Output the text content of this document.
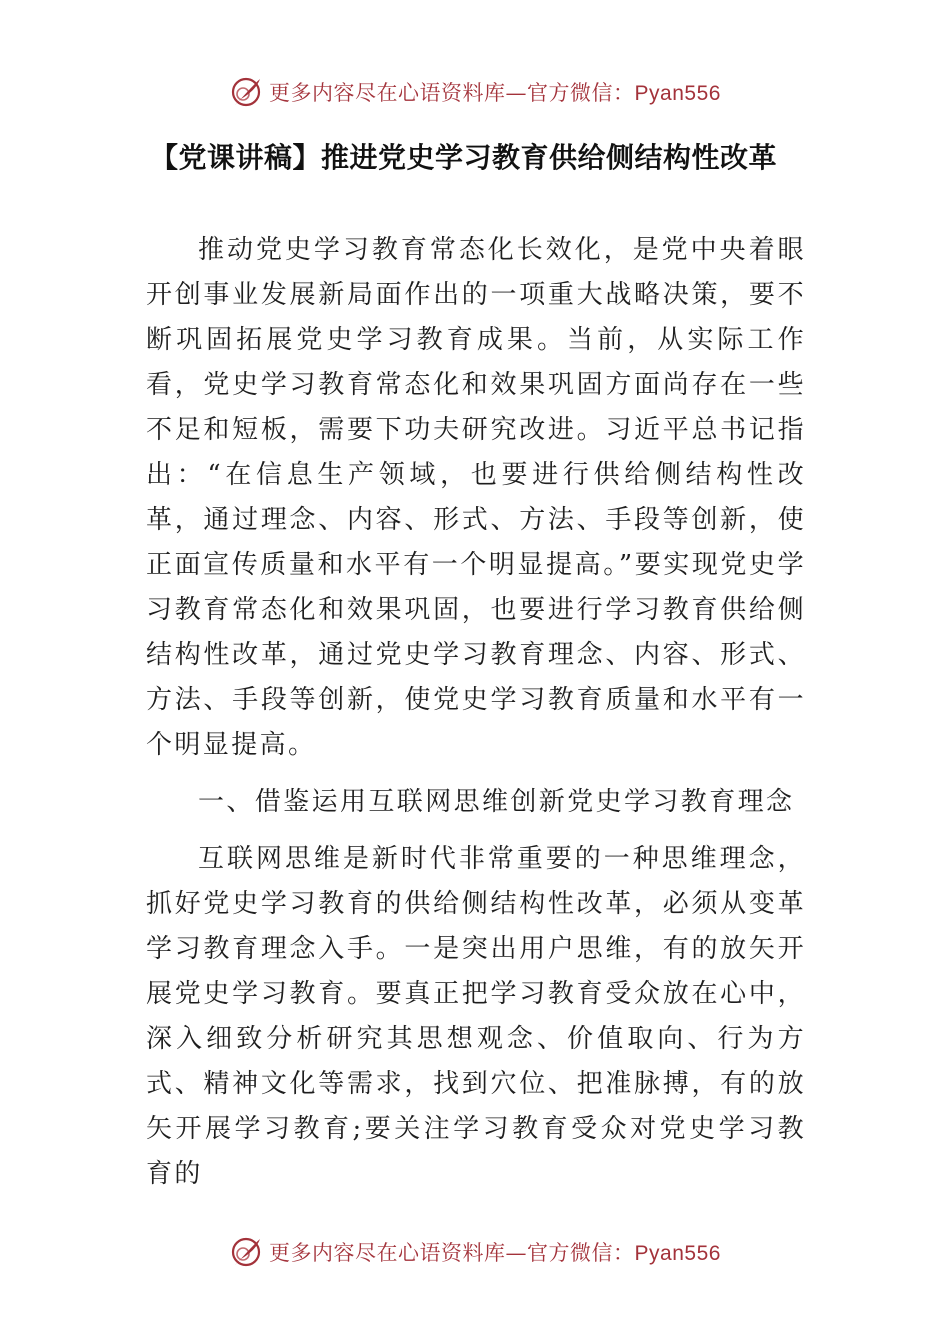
更多内容尽在心语资料库—官方微信：Pyan556
【党课讲稿】推进党史学习教育供给侧结构性改革

推动党史学习教育常态化长效化，是党中央着眼开创事业发展新局面作出的一项重大战略决策，要不断巩固拓展党史学习教育成果。当前，从实际工作看，党史学习教育常态化和效果巩固方面尚存在一些不足和短板，需要下功夫研究改进。习近平总书记指出：“在信息生产领域，也要进行供给侧结构性改革，通过理念、内容、形式、方法、手段等创新，使正面宣传质量和水平有一个明显提高。”要实现党史学习教育常态化和效果巩固，也要进行学习教育供给侧结构性改革，通过党史学习教育理念、内容、形式、方法、手段等创新，使党史学习教育质量和水平有一个明显提高。

一、借鉴运用互联网思维创新党史学习教育理念

互联网思维是新时代非常重要的一种思维理念，抓好党史学习教育的供给侧结构性改革，必须从变革学习教育理念入手。一是突出用户思维，有的放矢开展党史学习教育。要真正把学习教育受众放在心中，深入细致分析研究其思想观念、价值取向、行为方式、精神文化等需求，找到穴位、把准脉搏，有的放矢开展学习教育;要关注学习教育受众对党史学习教育的

更多内容尽在心语资料库—官方微信：Pyan556
